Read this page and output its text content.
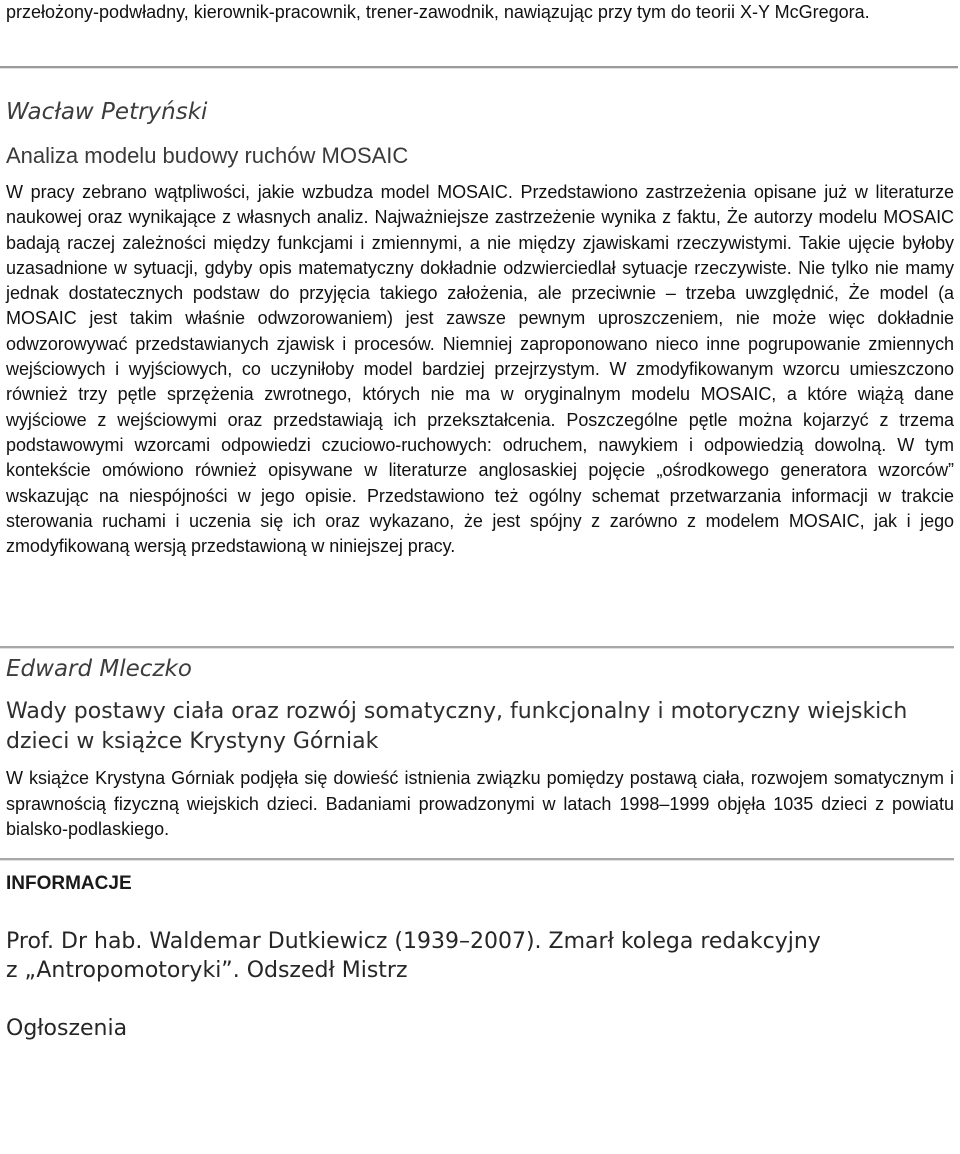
przełożony-podwładny, kierownik-pracownik, trener-zawodnik, nawiązując przy tym do teorii X-Y McGregora.

Wacław Petryński
Analiza modelu budowy ruchów MOSAIC

W pracy zebrano wątpliwości, jakie wzbudza model MOSAIC. Przedstawiono zastrzeżenia opisane już w literaturze naukowej oraz wynikające z własnych analiz. Najważniejsze zastrzeżenie wynika z faktu, Że autorzy modelu MOSAIC badają raczej zależności między funkcjami i zmiennymi, a nie między zjawiskami rzeczywistymi. Takie ujęcie byłoby uzasadnione w sytuacji, gdyby opis matematyczny dokładnie odzwierciedlał sytuacje rzeczywiste. Nie tylko nie mamy jednak dostatecznych podstaw do przyjęcia takiego założenia, ale przeciwnie – trzeba uwzględnić, Że model (a MOSAIC jest takim właśnie odwzorowaniem) jest zawsze pewnym uproszczeniem, nie może więc dokładnie odwzorowywać przedstawianych zjawisk i procesów. Niemniej zaproponowano nieco inne pogrupowanie zmiennych wejściowych i wyjściowych, co uczyniłoby model bardziej przejrzystym. W zmodyfikowanym wzorcu umieszczono również trzy pętle sprzężenia zwrotnego, których nie ma w oryginalnym modelu MOSAIC, a które wiążą dane wyjściowe z wejściowymi oraz przedstawiają ich przekształcenia. Poszczególne pętle można kojarzyć z trzema podstawowymi wzorcami odpowiedzi czuciowo-ruchowych: odruchem, nawykiem i odpowiedzią dowolną. W tym kontekście omówiono również opisywane w literaturze anglosaskiej pojęcie „ośrodkowego generatora wzorców” wskazując na niespójności w jego opisie. Przedstawiono też ogólny schemat przetwarzania informacji w trakcie sterowania ruchami i uczenia się ich oraz wykazano, że jest spójny z zarówno z modelem MOSAIC, jak i jego zmodyfikowaną wersją przedstawioną w niniejszej pracy.

Edward Mleczko
Wady postawy ciała oraz rozwój somatyczny, funkcjonalny i motoryczny wiejskich dzieci w książce Krystyny Górniak

W książce Krystyna Górniak podjęła się dowieść istnienia związku pomiędzy postawą ciała, rozwojem somatycznym i sprawnością fizyczną wiejskich dzieci. Badaniami prowadzonymi w latach 1998–1999 objęła 1035 dzieci z powiatu bialsko-podlaskiego.

INFORMACJE
Prof. Dr hab. Waldemar Dutkiewicz (1939–2007). Zmarł kolega redakcyjny z „Antropomotoryki”. Odszedł Mistrz
Ogłoszenia
